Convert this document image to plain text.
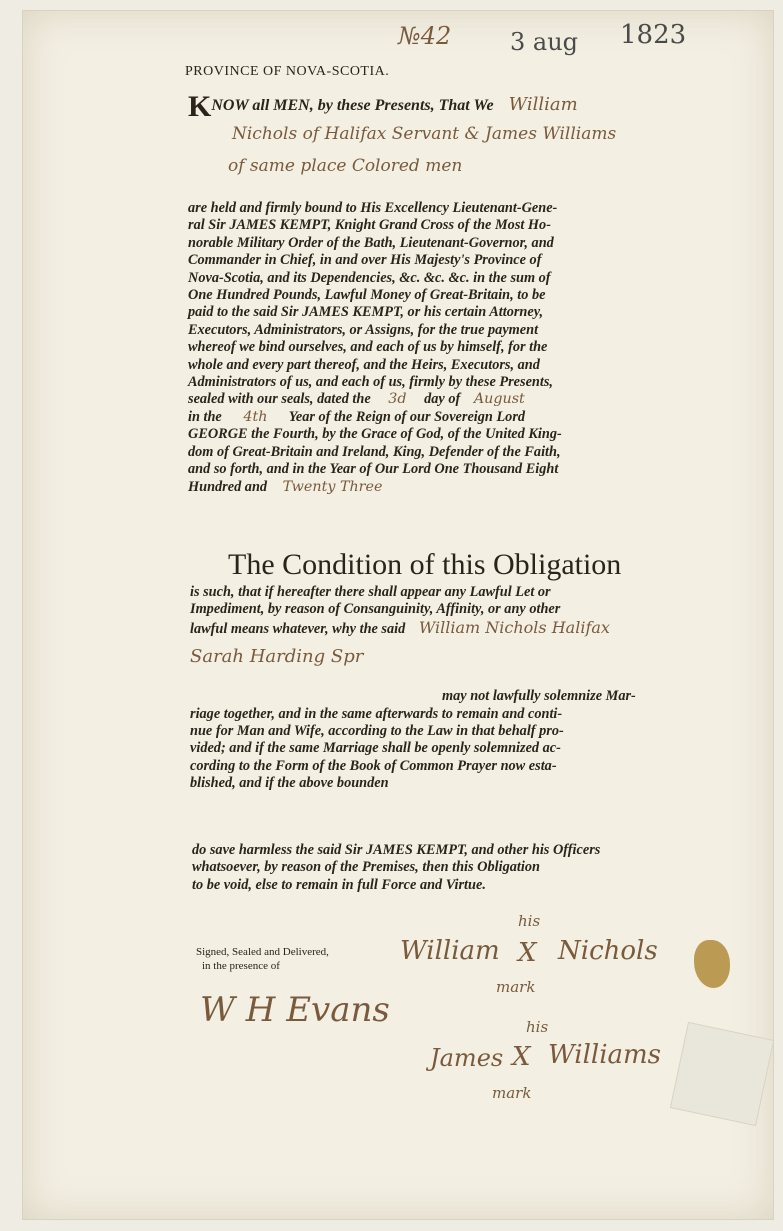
№42 3 aug 1823
PROVINCE OF NOVA-SCOTIA.
KNOW all MEN, by these Presents, That We William
Nichols of Halifax Servant & James Williams
of same place Colored men

are held and firmly bound to His Excellency Lieutenant-Gene-

ral Sir JAMES KEMPT, Knight Grand Cross of the Most Ho-

norable Military Order of the Bath, Lieutenant-Governor, and

Commander in Chief, in and over His Majesty's Province of

Nova-Scotia, and its Dependencies, &c. &c. &c. in the sum of

One Hundred Pounds, Lawful Money of Great-Britain, to be

paid to the said Sir JAMES KEMPT, or his certain Attorney,

Executors, Administrators, or Assigns, for the true payment

whereof we bind ourselves, and each of us by himself, for the

whole and every part thereof, and the Heirs, Executors, and

Administrators of us, and each of us, firmly by these Presents,

sealed with our seals, dated the 3d day of August

in the 4th Year of the Reign of our Sovereign Lord

GEORGE the Fourth, by the Grace of God, of the United King-

dom of Great-Britain and Ireland, King, Defender of the Faith,

and so forth, and in the Year of Our Lord One Thousand Eight

Hundred and Twenty Three

The Condition of this Obligation

is such, that if hereafter there shall appear any Lawful Let or

Impediment, by reason of Consanguinity, Affinity, or any other

lawful means whatever, why the said William Nichols Halifax

Sarah Harding Spr

may not lawfully solemnize Mar-

riage together, and in the same afterwards to remain and conti-

nue for Man and Wife, according to the Law in that behalf pro-

vided; and if the same Marriage shall be openly solemnized ac-

cording to the Form of the Book of Common Prayer now esta-

blished, and if the above bounden

do save harmless the said Sir JAMES KEMPT, and other his Officers

whatsoever, by reason of the Premises, then this Obligation

to be void, else to remain in full Force and Virtue.

Signed, Sealed and Delivered,
in the presence of
W H Evans
his
William X Nichols
mark
his
James X Williams
mark
